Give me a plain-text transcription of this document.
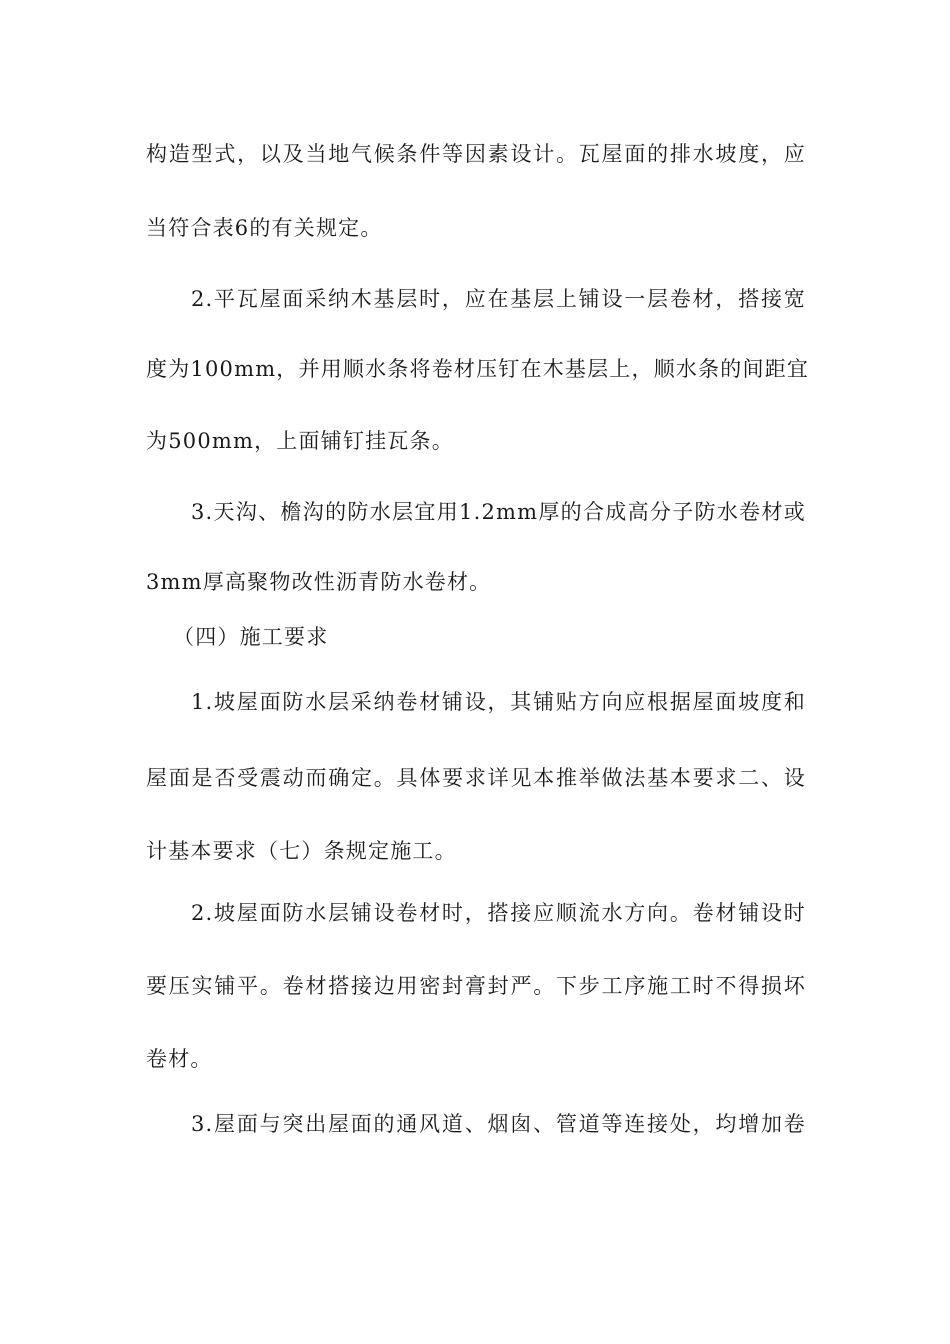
构造型式，以及当地气候条件等因素设计。瓦屋面的排水坡度，应
当符合表6的有关规定。
2.平瓦屋面采纳木基层时，应在基层上铺设一层卷材，搭接宽
度为100mm，并用顺水条将卷材压钉在木基层上，顺水条的间距宜
为500mm，上面铺钉挂瓦条。
3.天沟、檐沟的防水层宜用1.2mm厚的合成高分子防水卷材或
3mm厚高聚物改性沥青防水卷材。
（四）施工要求
1.坡屋面防水层采纳卷材铺设，其铺贴方向应根据屋面坡度和
屋面是否受震动而确定。具体要求详见本推举做法基本要求二、设
计基本要求（七）条规定施工。
2.坡屋面防水层铺设卷材时，搭接应顺流水方向。卷材铺设时
要压实铺平。卷材搭接边用密封膏封严。下步工序施工时不得损坏
卷材。
3.屋面与突出屋面的通风道、烟囱、管道等连接处，均增加卷
